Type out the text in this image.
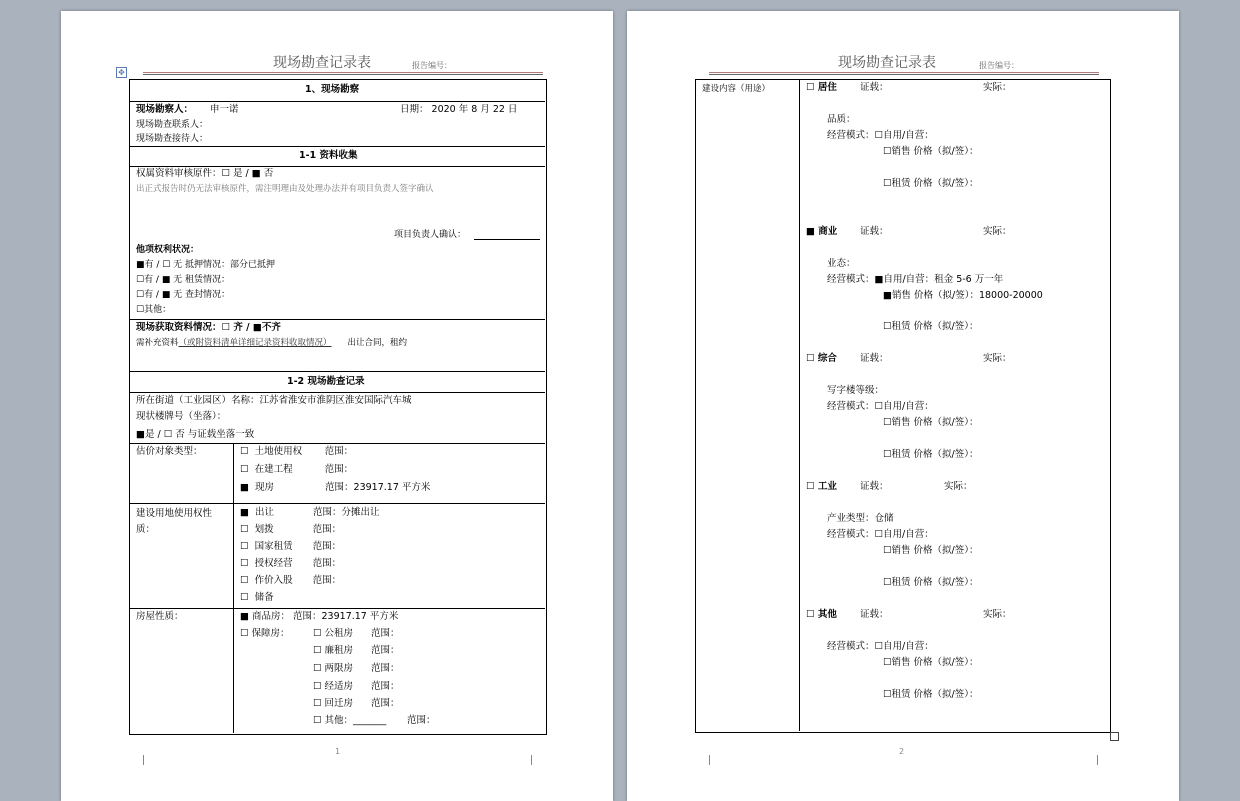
现场勘查记录表	报告编号：
1、现场勘察
现场勘察人： 申一诺	日期： 2020 年 8 月 22 日
现场勘查联系人：
现场勘查接待人：
1-1 资料收集
权属资料审核原件：☐ 是 / ■ 否
出正式报告时仍无法审核原件，需注明理由及处理办法并有项目负责人签字确认
项目负责人确认：
他项权利状况：
■有 / ☐ 无 抵押情况：部分已抵押
☐有 / ■ 无 租赁情况：
☐有 / ■ 无 查封情况：
☐其他：
现场获取资料情况：☐ 齐 / ■不齐
需补充资料（或附资料清单详细记录资料收取情况） 出让合同，租约
1-2 现场勘查记录
所在街道（工业园区）名称：江苏省淮安市淮阴区淮安国际汽车城
现状楼牌号（坐落）：
■是 / ☐ 否 与证载坐落一致
估价对象类型：	☐ 土地使用权 范围：
☐ 在建工程	范围：
■ 现房	范围：23917.17 平方米
建设用地使用权性质：
■ 出让	范围：分摊出让
☐ 划拨	范围：
☐ 国家租赁 范围：
☐ 授权经营 范围：
☐ 作价入股 范围：
☐ 储备
房屋性质：	■ 商品房： 范围：23917.17 平方米
☐ 保障房： ☐ 公租房 范围：
☐ 廉租房 范围：
☐ 两限房 范围：
☐ 经适房 范围：
☐ 回迁房 范围：
☐ 其他：_______ 范围：
1
✥
现场勘查记录表	报告编号：
建设内容（用途）	☐ 居住 证载：	实际：
品质：
经营模式：☐自用/自营：
☐销售 价格（拟/签）：
☐租赁 价格（拟/签）：
■ 商业 证载：	实际：
业态：
经营模式：■自用/自营：租金 5-6 万一年
■销售 价格（拟/签）：18000-20000
☐租赁 价格（拟/签）：
☐ 综合 证载：	实际：
写字楼等级：
经营模式：☐自用/自营：
☐销售 价格（拟/签）：
☐租赁 价格（拟/签）：
☐ 工业 证载：	实际：
产业类型：仓储
经营模式：☐自用/自营：
☐销售 价格（拟/签）：
☐租赁 价格（拟/签）：
☐ 其他 证载：	实际：
经营模式：☐自用/自营：
☐销售 价格（拟/签）：
☐租赁 价格（拟/签）：
2
